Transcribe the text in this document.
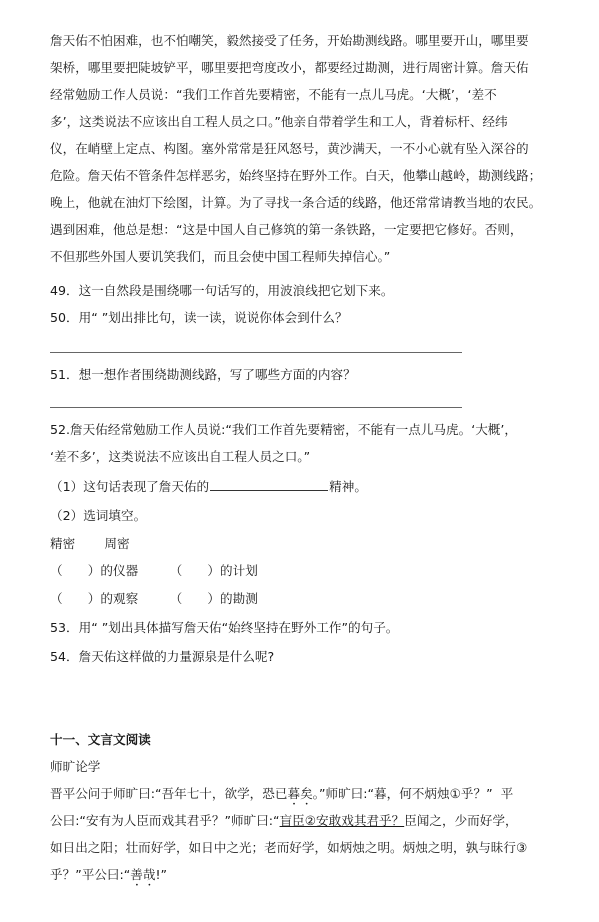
詹天佑不怕困难，也不怕嘲笑，毅然接受了任务，开始勘测线路。哪里要开山，哪里要
架桥，哪里要把陡坡铲平，哪里要把弯度改小，都要经过勘测，进行周密计算。詹天佑
经常勉励工作人员说：“我们工作首先要精密，不能有一点儿马虎。‘大概’，‘差不
多’，这类说法不应该出自工程人员之口。”他亲自带着学生和工人，背着标杆、经纬
仪，在峭壁上定点、构图。塞外常常是狂风怒号，黄沙满天，一不小心就有坠入深谷的
危险。詹天佑不管条件怎样恶劣，始终坚持在野外工作。白天，他攀山越岭，勘测线路；
晚上，他就在油灯下绘图，计算。为了寻找一条合适的线路，他还常常请教当地的农民。
遇到困难，他总是想：“这是中国人自己修筑的第一条铁路，一定要把它修好。否则，
不但那些外国人要讥笑我们，而且会使中国工程师失掉信心。”
49．这一自然段是围绕哪一句话写的，用波浪线把它划下来。
50．用“ ”划出排比句，读一读，说说你体会到什么？
51．想一想作者围绕勘测线路，写了哪些方面的内容？
52.詹天佑经常勉励工作人员说:“我们工作首先要精密，不能有一点儿马虎。‘大概’，
‘差不多’，这类说法不应该出自工程人员之口。”
（1）这句话表现了詹天佑的	精神。
（2）选词填空。
精密　　 周密
（　　）的仪器　　　（　　）的计划
（　　）的观察　　　（　　）的勘测
53．用“ ”划出具体描写詹天佑“始终坚持在野外工作”的句子。
54．詹天佑这样做的力量源泉是什么呢?
十一、文言文阅读
师旷论学
晋平公问于师旷曰:“吾年七十，欲学，恐已暮矣。”师旷曰:“暮，何不炳烛①乎？” 平
公曰:“安有为人臣而戏其君乎？”师旷曰:“盲臣②安敢戏其君乎？臣闻之，少而好学，
如日出之阳；壮而好学，如日中之光；老而好学，如炳烛之明。炳烛之明，孰与昧行③
乎？”平公曰:“善哉!”
